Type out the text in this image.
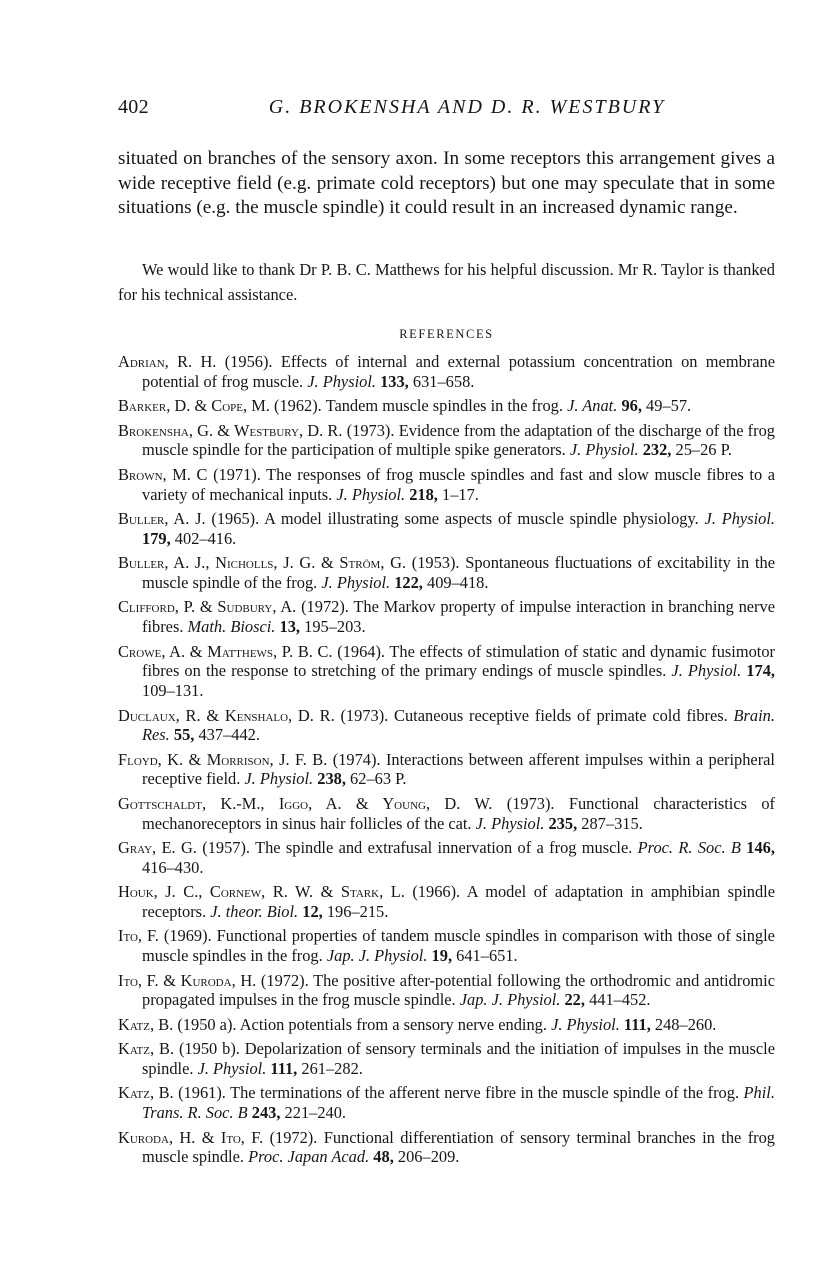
402	G. BROKENSHA AND D. R. WESTBURY

situated on branches of the sensory axon. In some receptors this arrangement gives a wide receptive field (e.g. primate cold receptors) but one may speculate that in some situations (e.g. the muscle spindle) it could result in an increased dynamic range.

We would like to thank Dr P. B. C. Matthews for his helpful discussion. Mr R. Taylor is thanked for his technical assistance.

REFERENCES

Adrian, R. H. (1956). Effects of internal and external potassium concentration on membrane potential of frog muscle. J. Physiol. 133, 631–658.

Barker, D. & Cope, M. (1962). Tandem muscle spindles in the frog. J. Anat. 96, 49–57.

Brokensha, G. & Westbury, D. R. (1973). Evidence from the adaptation of the discharge of the frog muscle spindle for the participation of multiple spike generators. J. Physiol. 232, 25–26 P.

Brown, M. C (1971). The responses of frog muscle spindles and fast and slow muscle fibres to a variety of mechanical inputs. J. Physiol. 218, 1–17.

Buller, A. J. (1965). A model illustrating some aspects of muscle spindle physiology. J. Physiol. 179, 402–416.

Buller, A. J., Nicholls, J. G. & Ström, G. (1953). Spontaneous fluctuations of excitability in the muscle spindle of the frog. J. Physiol. 122, 409–418.

Clifford, P. & Sudbury, A. (1972). The Markov property of impulse interaction in branching nerve fibres. Math. Biosci. 13, 195–203.

Crowe, A. & Matthews, P. B. C. (1964). The effects of stimulation of static and dynamic fusimotor fibres on the response to stretching of the primary endings of muscle spindles. J. Physiol. 174, 109–131.

Duclaux, R. & Kenshalo, D. R. (1973). Cutaneous receptive fields of primate cold fibres. Brain. Res. 55, 437–442.

Floyd, K. & Morrison, J. F. B. (1974). Interactions between afferent impulses within a peripheral receptive field. J. Physiol. 238, 62–63 P.

Gottschaldt, K.-M., Iggo, A. & Young, D. W. (1973). Functional characteristics of mechanoreceptors in sinus hair follicles of the cat. J. Physiol. 235, 287–315.

Gray, E. G. (1957). The spindle and extrafusal innervation of a frog muscle. Proc. R. Soc. B 146, 416–430.

Houk, J. C., Cornew, R. W. & Stark, L. (1966). A model of adaptation in amphibian spindle receptors. J. theor. Biol. 12, 196–215.

Ito, F. (1969). Functional properties of tandem muscle spindles in comparison with those of single muscle spindles in the frog. Jap. J. Physiol. 19, 641–651.

Ito, F. & Kuroda, H. (1972). The positive after-potential following the orthodromic and antidromic propagated impulses in the frog muscle spindle. Jap. J. Physiol. 22, 441–452.

Katz, B. (1950 a). Action potentials from a sensory nerve ending. J. Physiol. 111, 248–260.

Katz, B. (1950 b). Depolarization of sensory terminals and the initiation of impulses in the muscle spindle. J. Physiol. 111, 261–282.

Katz, B. (1961). The terminations of the afferent nerve fibre in the muscle spindle of the frog. Phil. Trans. R. Soc. B 243, 221–240.

Kuroda, H. & Ito, F. (1972). Functional differentiation of sensory terminal branches in the frog muscle spindle. Proc. Japan Acad. 48, 206–209.
